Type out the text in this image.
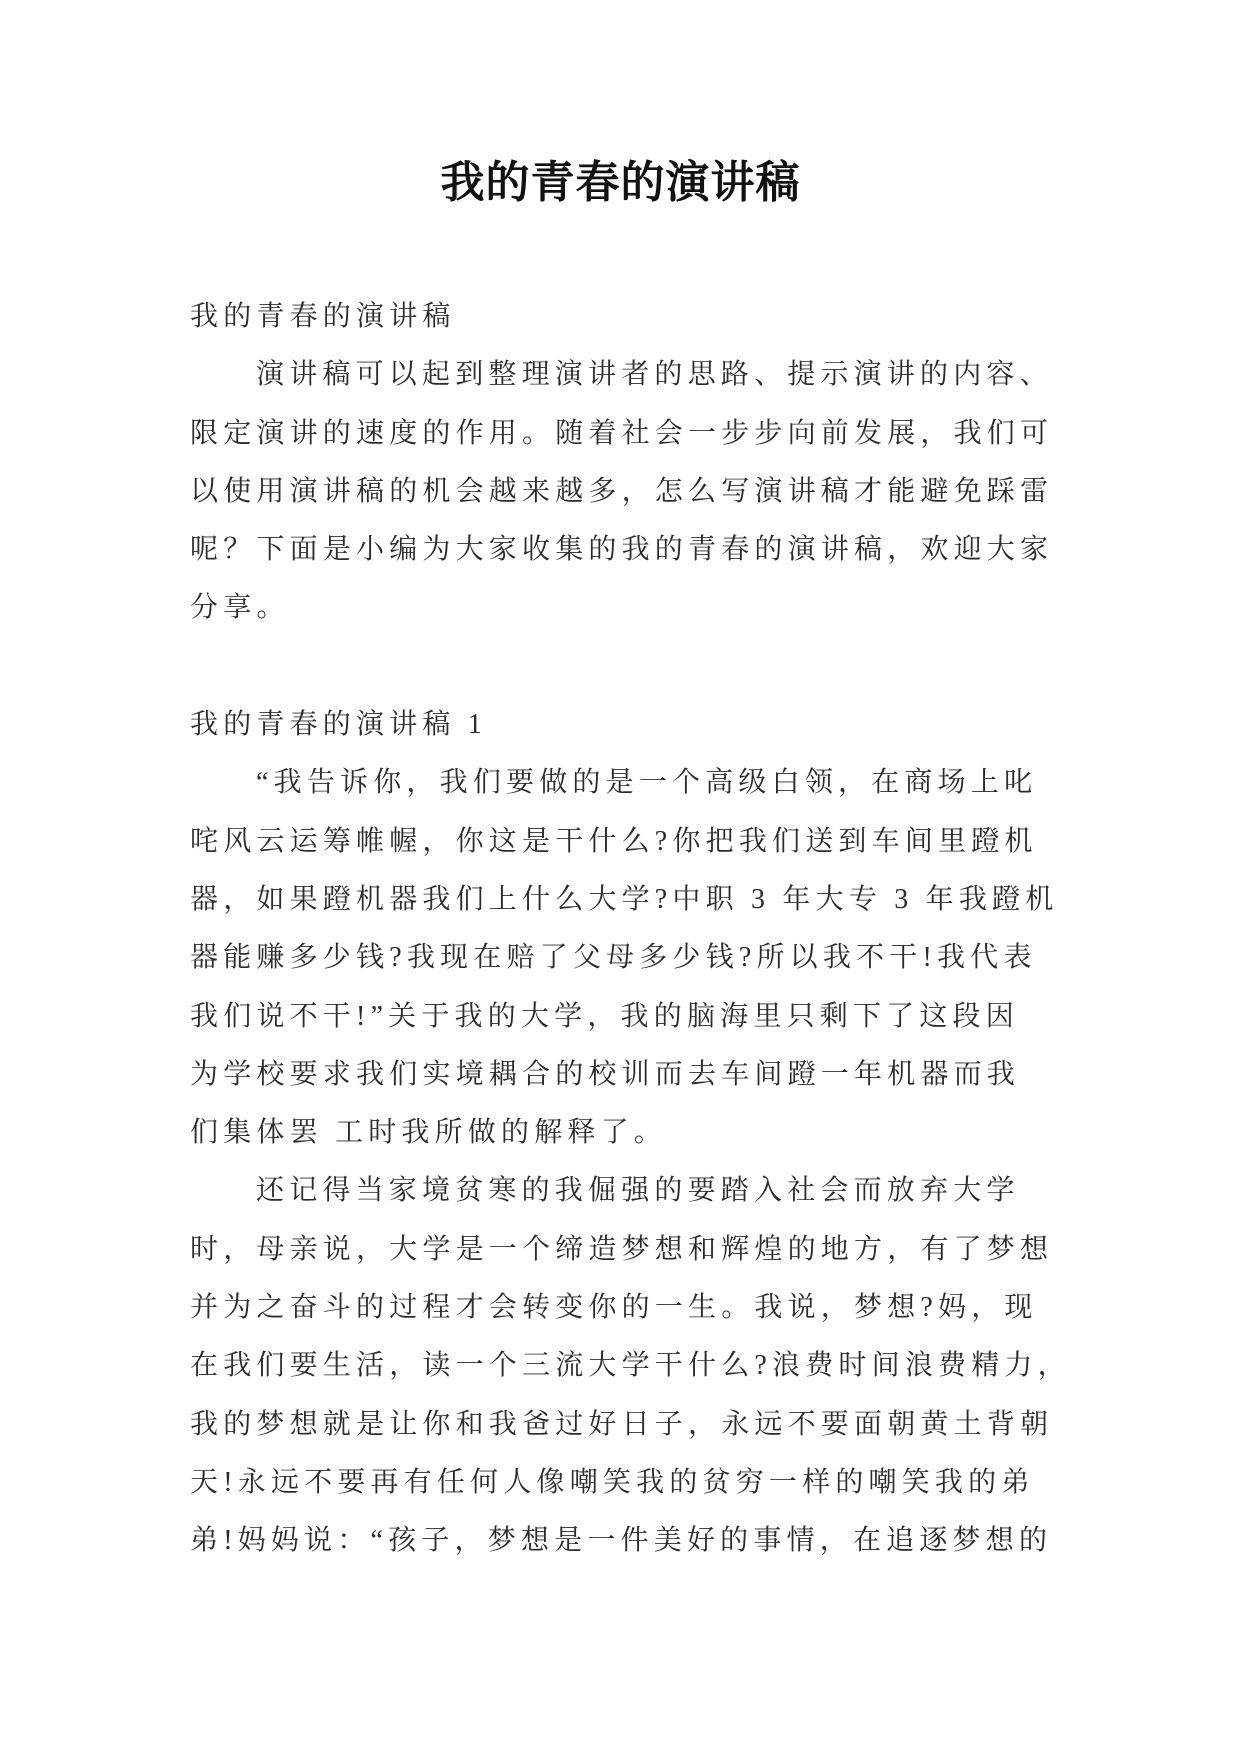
我的青春的演讲稿
我的青春的演讲稿
演讲稿可以起到整理演讲者的思路、提示演讲的内容、
限定演讲的速度的作用。随着社会一步步向前发展，我们可
以使用演讲稿的机会越来越多，怎么写演讲稿才能避免踩雷
呢？下面是小编为大家收集的我的青春的演讲稿，欢迎大家
分享。
我的青春的演讲稿 1
“我告诉你，我们要做的是一个高级白领，在商场上叱
咤风云运筹帷幄，你这是干什么?你把我们送到车间里蹬机
器，如果蹬机器我们上什么大学?中职 3 年大专 3 年我蹬机
器能赚多少钱?我现在赔了父母多少钱?所以我不干!我代表
我们说不干!”关于我的大学，我的脑海里只剩下了这段因
为学校要求我们实境耦合的校训而去车间蹬一年机器而我
们集体罢 工时我所做的解释了。
还记得当家境贫寒的我倔强的要踏入社会而放弃大学
时，母亲说，大学是一个缔造梦想和辉煌的地方，有了梦想
并为之奋斗的过程才会转变你的一生。我说，梦想?妈，现
在我们要生活，读一个三流大学干什么?浪费时间浪费精力，
我的梦想就是让你和我爸过好日子，永远不要面朝黄土背朝
天!永远不要再有任何人像嘲笑我的贫穷一样的嘲笑我的弟
弟!妈妈说：“孩子，梦想是一件美好的事情，在追逐梦想的
